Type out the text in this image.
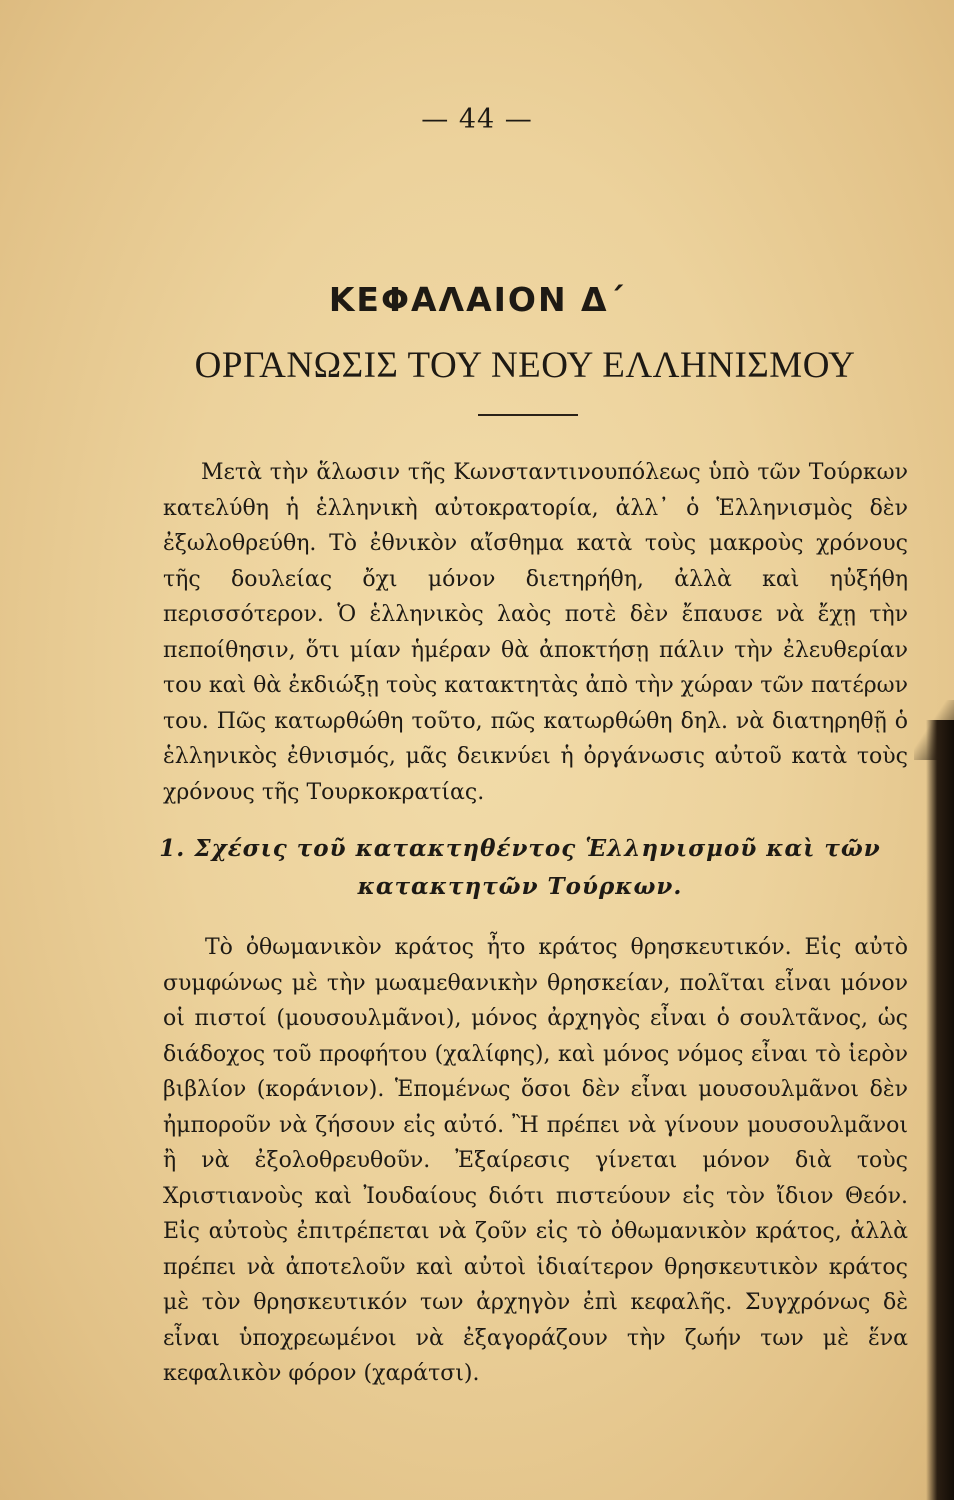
— 44 —
ΚΕΦΑΛΑΙΟΝ Δ΄
ΟΡΓΑΝΩΣΙΣ ΤΟΥ ΝΕΟΥ ΕΛΛΗΝΙΣΜΟΥ

Μετὰ τὴν ἅλωσιν τῆς Κωνσταντινουπόλεως ὑπὸ τῶν Τούρκων κατελύθη ἡ ἑλληνικὴ αὐτοκρατορία, ἀλλ᾽ ὁ Ἑλληνισμὸς δὲν ἐξωλοθρεύθη. Τὸ ἐθνικὸν αἴσθημα κατὰ τοὺς μακροὺς χρόνους τῆς δουλείας ὄχι μόνον διετηρήθη, ἀλλὰ καὶ ηὐξήθη περισσότερον. Ὁ ἑλληνικὸς λαὸς ποτὲ δὲν ἔπαυσε νὰ ἔχῃ τὴν πεποίθησιν, ὅτι μίαν ἡμέραν θὰ ἀποκτήσῃ πάλιν τὴν ἐλευθερίαν του καὶ θὰ ἐκδιώξῃ τοὺς κατακτητὰς ἀπὸ τὴν χώραν τῶν πατέρων του. Πῶς κατωρθώθη τοῦτο, πῶς κατωρθώθη δηλ. νὰ διατηρηθῇ ὁ ἑλληνικὸς ἐθνισμός, μᾶς δεικνύει ἡ ὀργάνωσις αὐτοῦ κατὰ τοὺς χρόνους τῆς Τουρκοκρατίας.

1. Σχέσις τοῦ κατακτηθέντος Ἑλληνισμοῦ καὶ τῶν κατακτητῶν Τούρκων.

Τὸ ὀθωμανικὸν κράτος ἦτο κράτος θρησκευτικόν. Εἰς αὐτὸ συμφώνως μὲ τὴν μωαμεθανικὴν θρησκείαν, πολῖται εἶναι μόνον οἱ πιστοί (μουσουλμᾶνοι), μόνος ἀρχηγὸς εἶναι ὁ σουλτᾶνος, ὡς διάδοχος τοῦ προφήτου (χαλίφης), καὶ μόνος νόμος εἶναι τὸ ἱερὸν βιβλίον (κοράνιον). Ἑπομένως ὅσοι δὲν εἶναι μουσουλμᾶνοι δὲν ἠμποροῦν νὰ ζήσουν εἰς αὐτό. Ἢ πρέπει νὰ γίνουν μουσουλμᾶνοι ἢ νὰ ἐξολοθρευθοῦν. Ἐξαίρεσις γίνεται μόνον διὰ τοὺς Χριστιανοὺς καὶ Ἰουδαίους διότι πιστεύουν εἰς τὸν ἴδιον Θεόν. Εἰς αὐτοὺς ἐπιτρέπεται νὰ ζοῦν εἰς τὸ ὀθωμανικὸν κράτος, ἀλλὰ πρέπει νὰ ἀποτελοῦν καὶ αὐτοὶ ἰδιαίτερον θρησκευτικὸν κράτος μὲ τὸν θρησκευτικόν των ἀρχηγὸν ἐπὶ κεφαλῆς. Συγχρόνως δὲ εἶναι ὑποχρεωμένοι νὰ ἐξαγοράζουν τὴν ζωήν των μὲ ἕνα κεφαλικὸν φόρον (χαράτσι).
